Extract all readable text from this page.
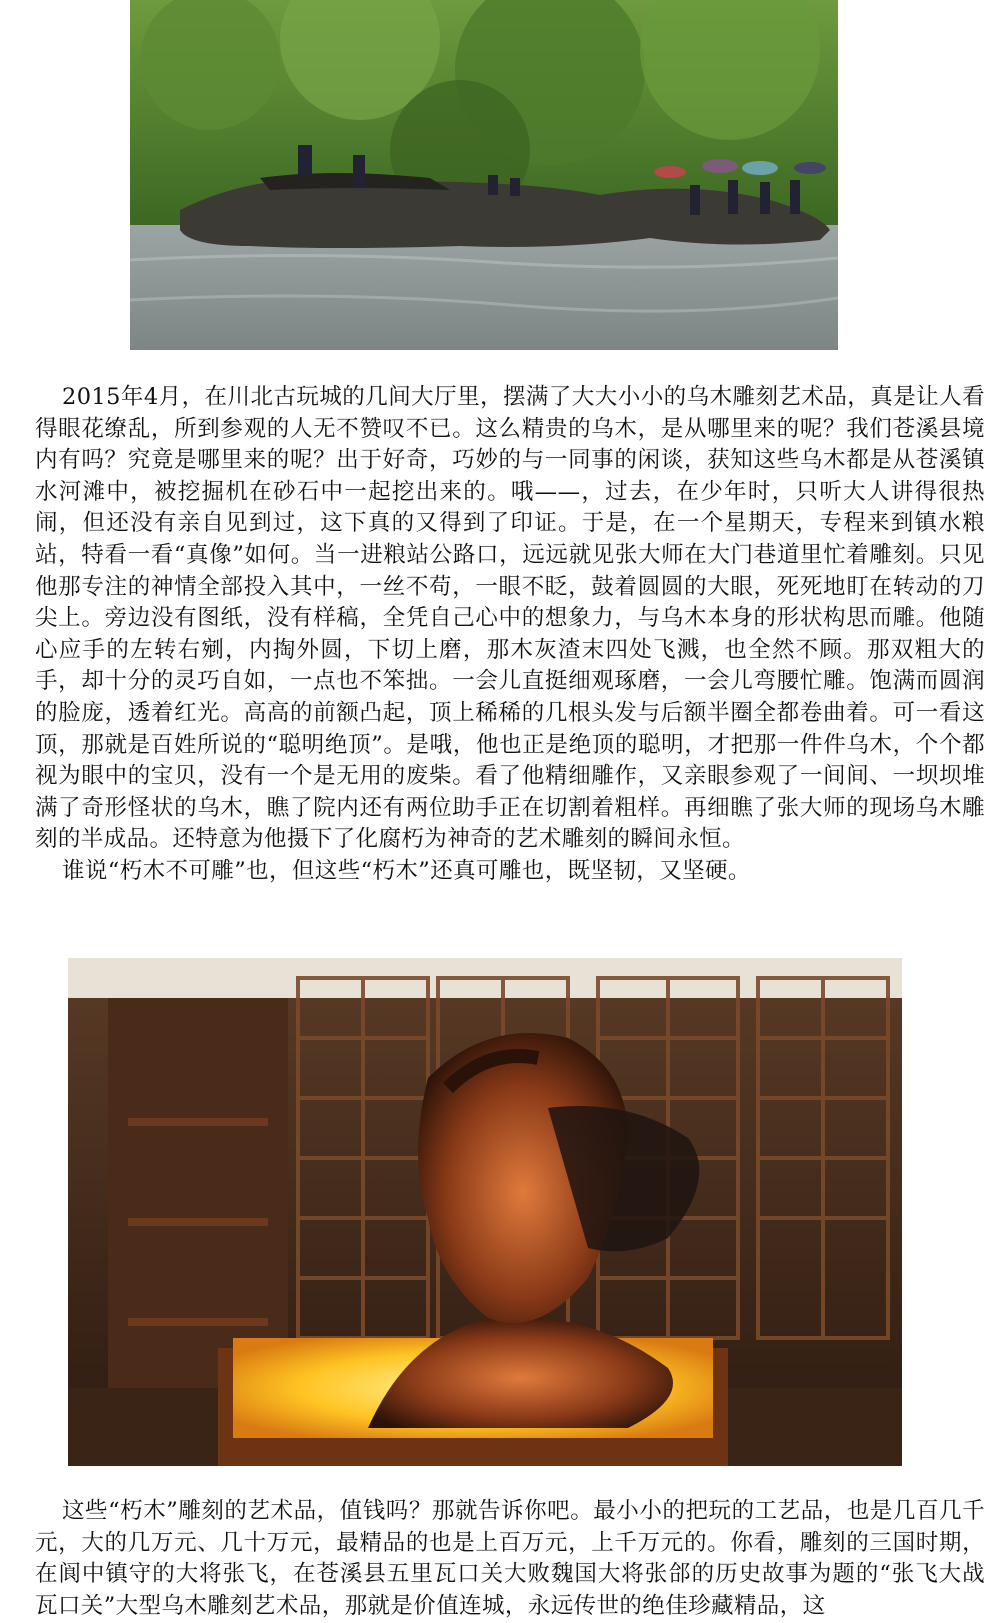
2015年4月，在川北古玩城的几间大厅里，摆满了大大小小的乌木雕刻艺术品，真是让人看得眼花缭乱，所到参观的人无不赞叹不已。这么精贵的乌木，是从哪里来的呢？我们苍溪县境内有吗？究竟是哪里来的呢？出于好奇，巧妙的与一同事的闲谈，获知这些乌木都是从苍溪镇水河滩中，被挖掘机在砂石中一起挖出来的。哦——，过去，在少年时，只听大人讲得很热闹，但还没有亲自见到过，这下真的又得到了印证。于是，在一个星期天，专程来到镇水粮站，特看一看“真像”如何。当一进粮站公路口，远远就见张大师在大门巷道里忙着雕刻。只见他那专注的神情全部投入其中，一丝不苟，一眼不眨，鼓着圆圆的大眼，死死地盯在转动的刀尖上。旁边没有图纸，没有样稿，全凭自己心中的想象力，与乌木本身的形状构思而雕。他随心应手的左转右剜，内掏外圆，下切上磨，那木灰渣末四处飞溅，也全然不顾。那双粗大的手，却十分的灵巧自如，一点也不笨拙。一会儿直挺细观琢磨，一会儿弯腰忙雕。饱满而圆润的脸庞，透着红光。高高的前额凸起，顶上稀稀的几根头发与后额半圈全都卷曲着。可一看这顶，那就是百姓所说的“聪明绝顶”。是哦，他也正是绝顶的聪明，才把那一件件乌木，个个都视为眼中的宝贝，没有一个是无用的废柴。看了他精细雕作，又亲眼参观了一间间、一坝坝堆满了奇形怪状的乌木，瞧了院内还有两位助手正在切割着粗样。再细瞧了张大师的现场乌木雕刻的半成品。还特意为他摄下了化腐朽为神奇的艺术雕刻的瞬间永恒。

谁说“朽木不可雕”也，但这些“朽木”还真可雕也，既坚韧，又坚硬。

这些“朽木”雕刻的艺术品，值钱吗？那就告诉你吧。最小小的把玩的工艺品，也是几百几千元，大的几万元、几十万元，最精品的也是上百万元，上千万元的。你看，雕刻的三国时期，在阆中镇守的大将张飞，在苍溪县五里瓦口关大败魏国大将张郃的历史故事为题的“张飞大战瓦口关”大型乌木雕刻艺术品，那就是价值连城，永远传世的绝佳珍藏精品，这
